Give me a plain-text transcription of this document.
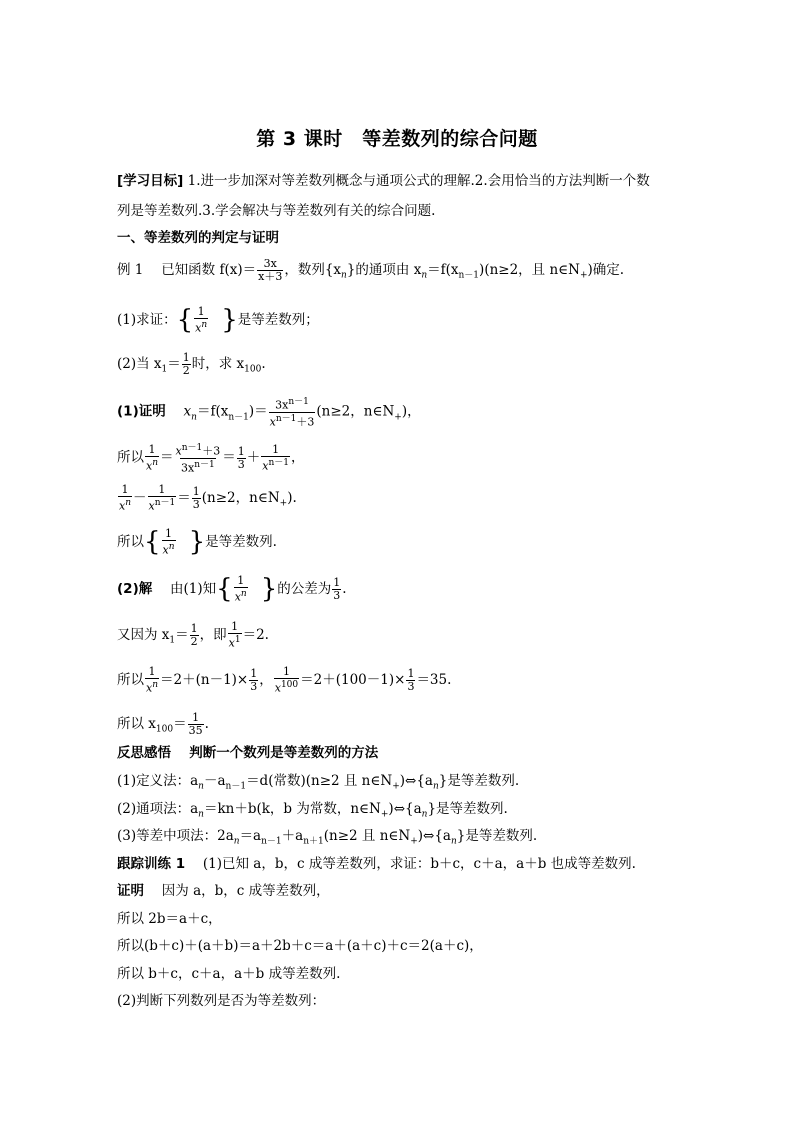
第 3 课时　等差数列的综合问题
[学习目标] 1.进一步加深对等差数列概念与通项公式的理解.2.会用恰当的方法判断一个数
列是等差数列.3.学会解决与等差数列有关的综合问题.
一、等差数列的判定与证明
例 1　 已知函数 $f(x)= \frac{3x}{x+3}$ ，数列$\{x_n\}$的通项由 $x_n=f(x_{n-1})(n\ge 2$，且 $n\in N_+$)确定.
(1)求证： { $\frac{1}{x^n}$ } 是等差数列；
(2)当 $x_1= \frac{1}{2}$ 时，求 $x_{100}$.
(1)证明　 $x_n=f(x_{n-1})= \frac{3x^{n-1}}{x^{n-1}+3} (n\ge 2$，$n\in N_+$)，
所以 $\frac{1}{x^n} = \frac{x^{n-1}+3}{3x^{n-1}} = \frac{1}{3} + \frac{1}{x^{n-1}}$ ，
$\frac{1}{x^n} - \frac{1}{x^{n-1}} = \frac{1}{3} (n\ge 2$，$n\in N_+$).
所以 { $\frac{1}{x^n}$ } 是等差数列.
(2)解　 由(1)知 { $\frac{1}{x^n}$ } 的公差为 $\frac{1}{3}$ .
又因为 $x_1= \frac{1}{2}$ ，即 $\frac{1}{x^1} =2$.
所以 $\frac{1}{x^n} =2+(n-1)\times \frac{1}{3}$ ， $\frac{1}{x^{100}} =2+(100-1)\times \frac{1}{3} =35$.
所以 $x_{100}= \frac{1}{35}$ .
反思感悟　 判断一个数列是等差数列的方法
(1)定义法：$a_n-a_{n-1}=d$(常数)(n≥2 且 $n\in N_+)\Leftrightarrow\{a_n\}$是等差数列.
(2)通项法：$a_n=kn+b(k$，b 为常数，$n\in N_+)\Leftrightarrow\{a_n\}$是等差数列.
(3)等差中项法：$2a_n=a_{n-1}+a_{n+1}(n\ge 2$ 且 $n\in N_+)\Leftrightarrow\{a_n\}$是等差数列.
跟踪训练 1　 (1)已知 a，b，c 成等差数列，求证：b＋c，c＋a，a＋b 也成等差数列.
证明　 因为 a，b，c 成等差数列，
所以 2b＝a＋c，
所以(b＋c)＋(a＋b)＝a＋2b＋c＝a＋(a＋c)＋c＝2(a＋c)，
所以 b＋c，c＋a，a＋b 成等差数列.
(2)判断下列数列是否为等差数列：
